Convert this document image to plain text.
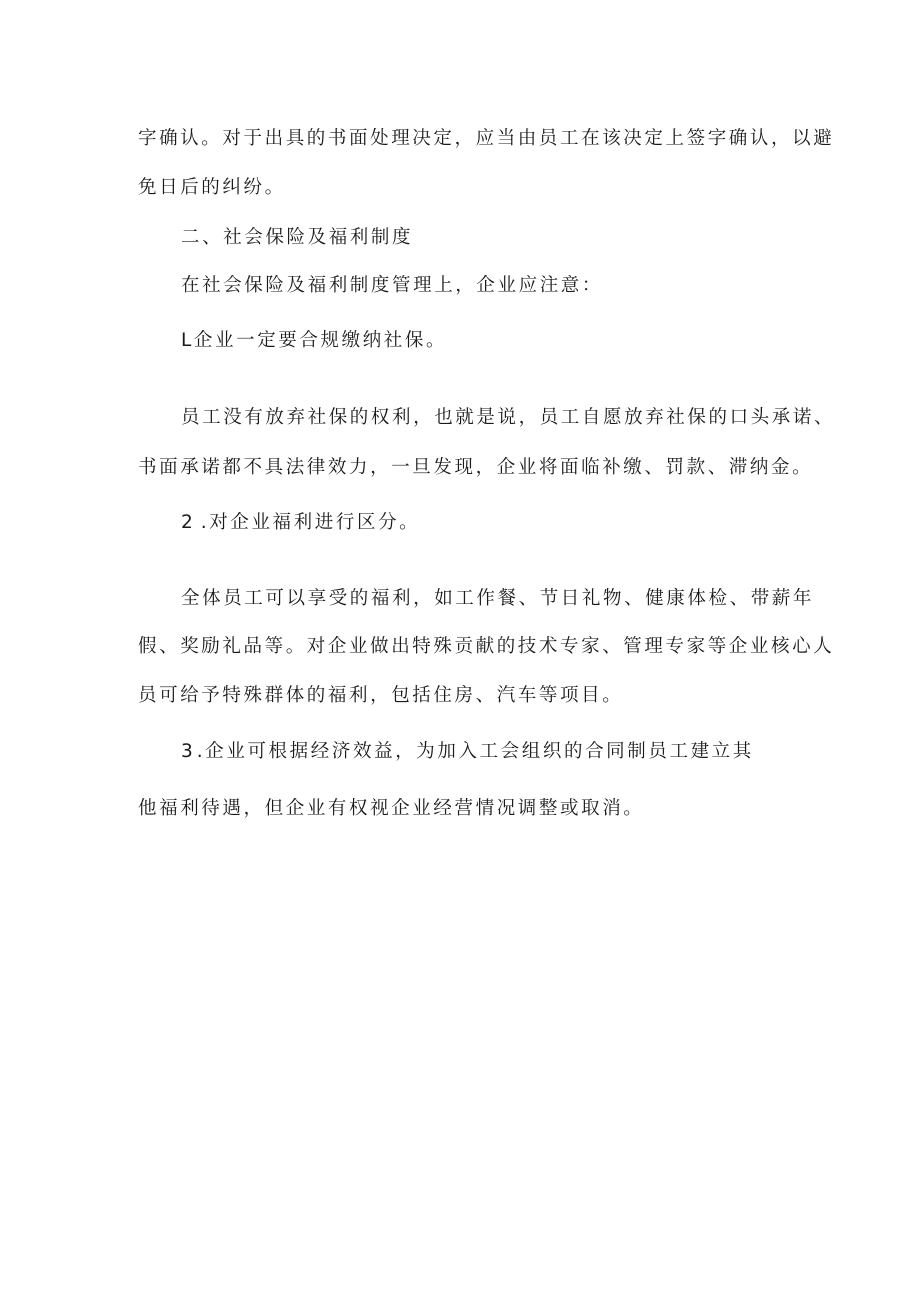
字确认。对于出具的书面处理决定，应当由员工在该决定上签字确认，以避
免日后的纠纷。
二、社会保险及福利制度
在社会保险及福利制度管理上，企业应注意：
L企业一定要合规缴纳社保。
员工没有放弃社保的权利，也就是说，员工自愿放弃社保的口头承诺、
书面承诺都不具法律效力，一旦发现，企业将面临补缴、罚款、滞纳金。
2 .对企业福利进行区分。
全体员工可以享受的福利，如工作餐、节日礼物、健康体检、带薪年
假、奖励礼品等。对企业做出特殊贡献的技术专家、管理专家等企业核心人
员可给予特殊群体的福利，包括住房、汽车等项目。
3 .企业可根据经济效益，为加入工会组织的合同制员工建立其
他福利待遇，但企业有权视企业经营情况调整或取消。
